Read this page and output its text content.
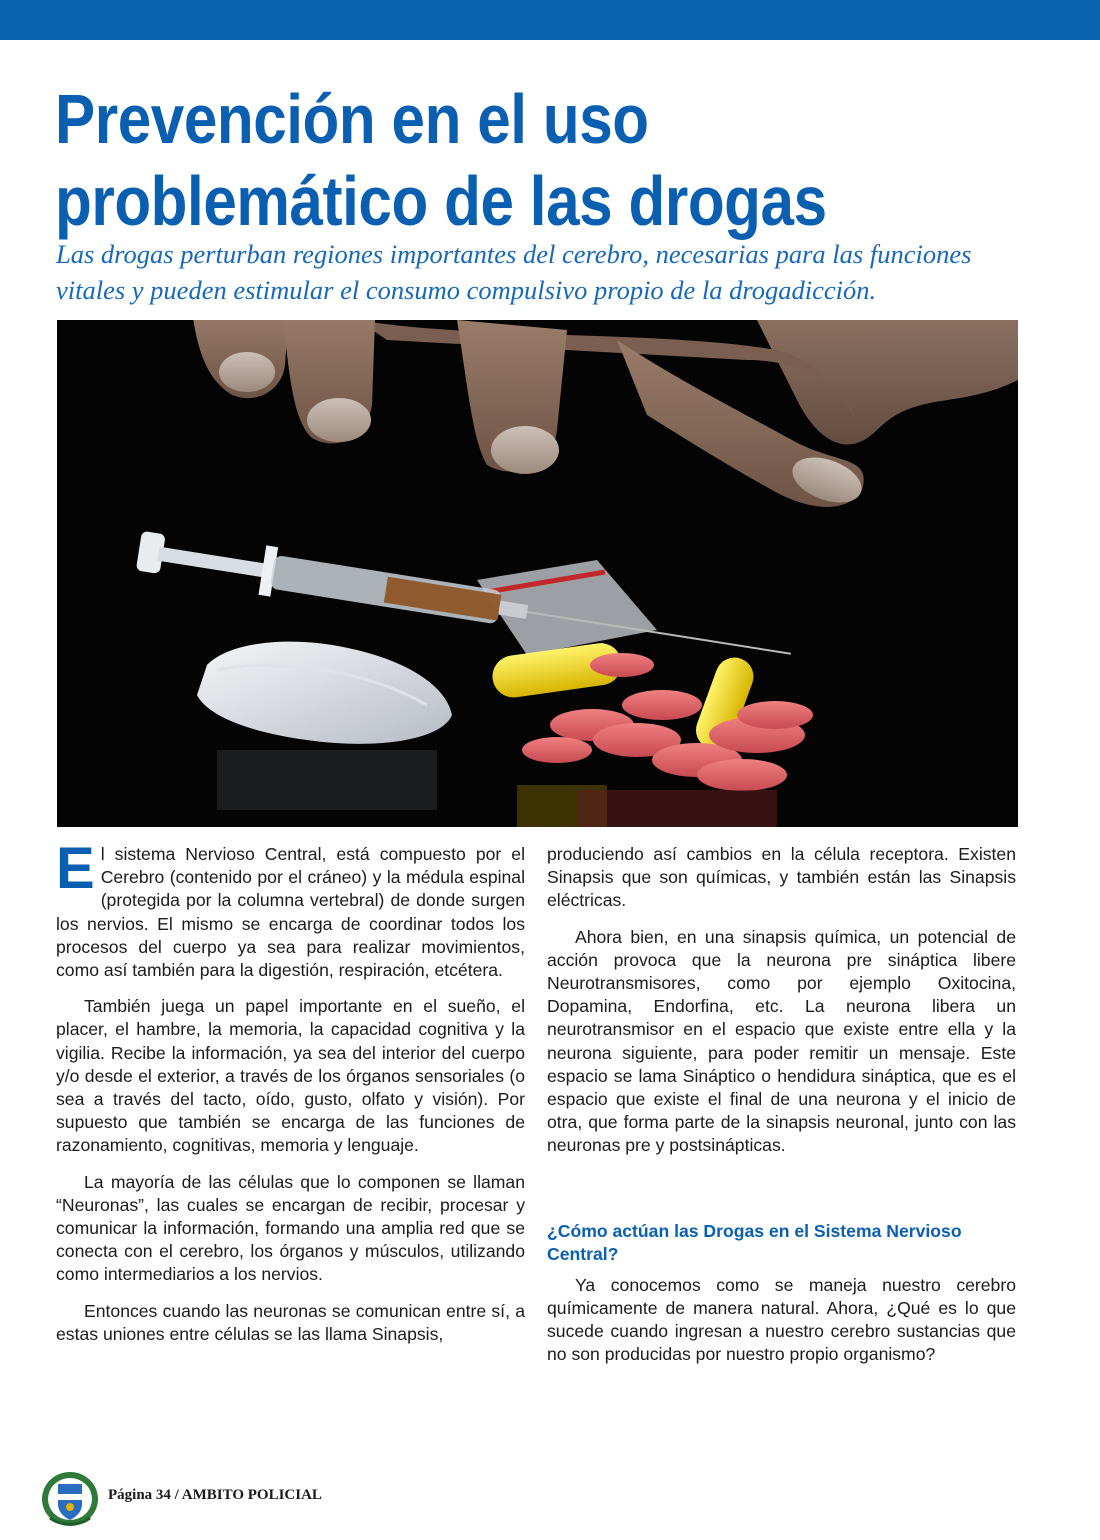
Prevención en el uso
problemático de las drogas

Las drogas perturban regiones importantes del cerebro, necesarias para las funciones
vitales y pueden estimular el consumo compulsivo propio de la drogadicción.

El sistema Nervioso Central, está compuesto por el Cerebro (contenido por el cráneo) y la médula espinal (protegida por la columna vertebral) de donde surgen los nervios. El mismo se encarga de coordinar todos los procesos del cuerpo ya sea para realizar movimientos, como así también para la digestión, respiración, etcétera.

También juega un papel importante en el sueño, el placer, el hambre, la memoria, la capacidad cognitiva y la vigilia. Recibe la información, ya sea del interior del cuerpo y/o desde el exterior, a través de los órganos sensoriales (o sea a través del tacto, oído, gusto, olfato y visión). Por supuesto que también se encarga de las funciones de razonamiento, cognitivas, memoria y lenguaje.

La mayoría de las células que lo componen se llaman “Neuronas”, las cuales se encargan de recibir, procesar y comunicar la información, formando una amplia red que se conecta con el cerebro, los órganos y músculos, utilizando como intermediarios a los nervios.

Entonces cuando las neuronas se comunican entre sí, a estas uniones entre células se las llama Sinapsis,

produciendo así cambios en la célula receptora. Existen Sinapsis que son químicas, y también están las Sinapsis eléctricas.

Ahora bien, en una sinapsis química, un potencial de acción provoca que la neurona pre sináptica libere Neurotransmisores, como por ejemplo Oxitocina, Dopamina, Endorfina, etc. La neurona libera un neurotransmisor en el espacio que existe entre ella y la neurona siguiente, para poder remitir un mensaje. Este espacio se lama Sináptico o hendidura sináptica, que es el espacio que existe el final de una neurona y el inicio de otra, que forma parte de la sinapsis neuronal, junto con las neuronas pre y postsinápticas.

¿Cómo actúan las Drogas en el Sistema Nervioso Central?

Ya conocemos como se maneja nuestro cerebro químicamente de manera natural. Ahora, ¿Qué es lo que sucede cuando ingresan a nuestro cerebro sustancias que no son producidas por nuestro propio organismo?

Página 34 / AMBITO POLICIAL
